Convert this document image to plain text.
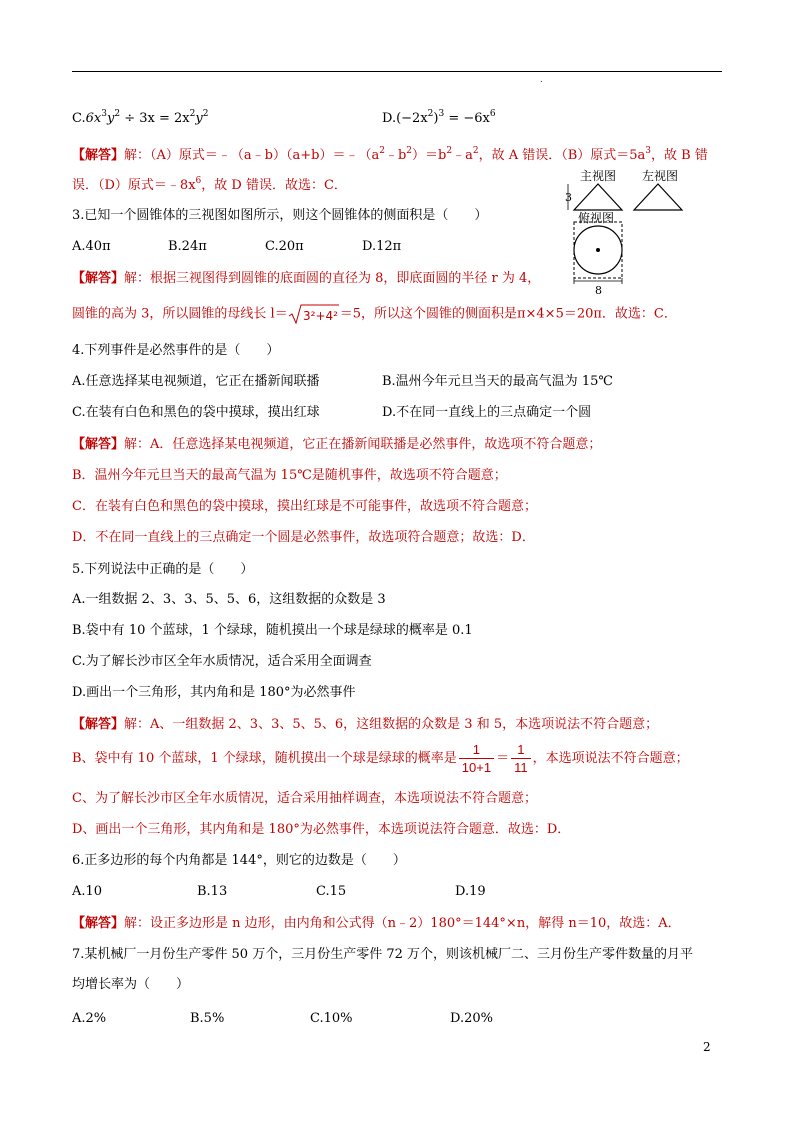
.
$C.6x^3y^2 \div 3x = 2x^2y^2$	$D.(-2x^2)^3 = -6x^6$
【解答】解：（A）原式$=﹣(a﹣b)(a+b)=﹣(a^2﹣b^2)=b^2﹣a^2$，故 A 错误．（B）原式$=5a^3$，故 B 错
误．（D）原式$=﹣8x^6$，故 D 错误．故选：C．
主视图 左视图
3
俯视图
8
3.已知一个圆锥体的三视图如图所示，则这个圆锥体的侧面积是（　　）
A.40π	B.24π	C.20π	D.12π
【解答】解：根据三视图得到圆锥的底面圆的直径为 8，即底面圆的半径 r 为 4，
圆锥的高为 3，所以圆锥的母线长 l＝ 3²+4² ＝5，所以这个圆锥的侧面积是π×4×5＝20π．故选：C．
4.下列事件是必然事件的是（　　）
A.任意选择某电视频道，它正在播新闻联播	B.温州今年元旦当天的最高气温为 15℃
C.在装有白色和黑色的袋中摸球，摸出红球	D.不在同一直线上的三点确定一个圆
【解答】解：A．任意选择某电视频道，它正在播新闻联播是必然事件，故选项不符合题意；
B．温州今年元旦当天的最高气温为 15℃是随机事件，故选项不符合题意；
C．在装有白色和黑色的袋中摸球，摸出红球是不可能事件，故选项不符合题意；
D．不在同一直线上的三点确定一个圆是必然事件，故选项符合题意；故选：D．
5.下列说法中正确的是（　　）
A.一组数据 2、3、3、5、5、6，这组数据的众数是 3
B.袋中有 10 个蓝球，1 个绿球，随机摸出一个球是绿球的概率是 0.1
C.为了解长沙市区全年水质情况，适合采用全面调查
D.画出一个三角形，其内角和是 180°为必然事件
【解答】解：A、一组数据 2、3、3、5、5、6，这组数据的众数是 3 和 5，本选项说法不符合题意；
B、袋中有 10 个蓝球，1 个绿球，随机摸出一个球是绿球的概率是 $\frac{1}{10+1} = \frac{1}{11}$ ，本选项说法不符合题意；
C、为了解长沙市区全年水质情况，适合采用抽样调查，本选项说法不符合题意；
D、画出一个三角形，其内角和是 180°为必然事件，本选项说法符合题意．故选：D．
6.正多边形的每个内角都是 144°，则它的边数是（　　）
A.10	B.13	C.15	D.19
【解答】解：设正多边形是 n 边形，由内角和公式得（n﹣2）180°＝144°×n，解得 n＝10，故选：A．
7.某机械厂一月份生产零件 50 万个，三月份生产零件 72 万个，则该机械厂二、三月份生产零件数量的月平
均增长率为（　　）
A.2%	B.5%	C.10%	D.20%
2
